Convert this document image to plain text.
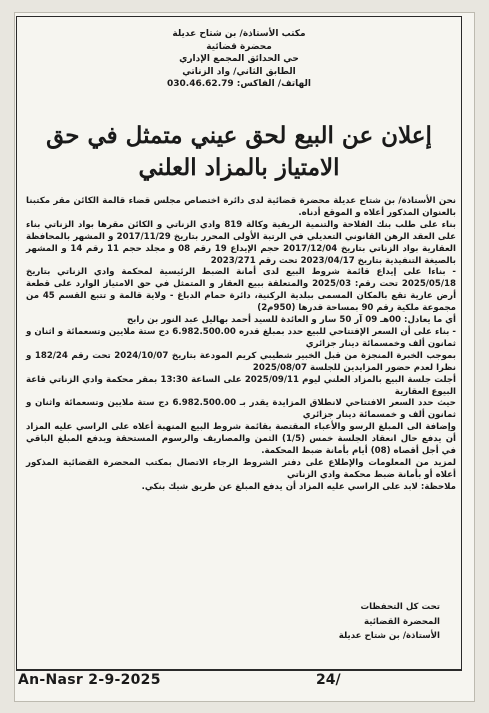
مكتب الأستاذة/ بن شتاح عديلة
محضرة قضائية
حي الحدائق المجمع الإداري
الطابق الثاني/ واد الزناتي
الهاتف/ الفاكس: 030.46.62.79
إعلان عن البيع لحق عيني متمثل في حق
الامتياز بالمزاد العلني

نحن الأستاذة/ بن شتاح عديلة محضرة قضائية لدى دائرة اختصاص مجلس قضاء قالمة الكائن مقر مكتبنا بالعنوان المذكور أعلاه و الموقع أدناه.

بناء على طلب بنك الفلاحة والتنمية الريفية وكالة 819 وادي الزناتي و الكائن مقرها بواد الزناتي بناء على العقد الرهن القانوني التعديلي في الرتبة الأولى المحرر بتاريخ 2017/11/29 و المشهر بالمحافظة العقارية بواد الزناتي بتاريخ 2017/12/04 حجم الإيداع 19 رقم 08 و مجلد حجم 11 رقم 14 و المشهر بالصيغة التنفيذية بتاريخ 2023/04/17 تحت رقم 2023/271

- بناءا على إيداع قائمة شروط البيع لدى أمانة الضبط الرئيسية لمحكمة وادي الزناتي بتاريخ 2025/05/18 تحت رقم: 2025/03 والمتعلقة ببيع العقار و المتمثل في حق الامتياز الوارد على قطعة أرض عارية تقع بالمكان المسمى ببلدية الركنية، دائرة حمام الدباغ - ولاية قالمة و تتبع القسم 45 من مجموعة ملكية رقم 90 بمساحة قدرها (950م2)

أي ما يعادل: 00هـ 09 آر 50 سار و العائدة للسيد أحمد بهاليل عبد النور بن رابح

- بناء على أن السعر الإفتتاحي للبيع حدد بمبلغ قدره 6.982.500.00 دج ستة ملايين وتسعمائة و اثنان و ثمانون ألف وخمسمائة دينار جزائري

بموجب الخبرة المنجزة من قبل الخبير شطيبي كريم المودعة بتاريخ 2024/10/07 تحت رقم 182/24 و نظرا لعدم حضور المزايدين للجلسة 2025/08/07

أجلت جلسة البيع بالمزاد العلني ليوم 2025/09/11 على الساعة 13:30 بمقر محكمة وادي الزناتي قاعة البيوع العقارية

حيث حدد السعر الافتتاحي لانطلاق المزايدة يقدر بـ 6.982.500.00 دج ستة ملايين وتسعمائة واثنان و ثمانون ألف و خمسمائة دينار جزائري

وإضافة الى المبلغ الرسو والأعباء المقتصة بقائمة شروط البيع المنهبة أعلاه على الراسي عليه المزاد أن يدفع حال انعقاد الجلسة خمس (1/5) الثمن والمصاريف والرسوم المستحقة ويدفع المبلغ الباقي في أجل أقصاه (08) أيام بأمانة ضبط المحكمة.

لمزيد من المعلومات والإطلاع على دفتر الشروط الرجاء الاتصال بمكتب المحضرة القضائية المذكور أعلاه أو بأمانة ضبط محكمة وادي الزناتي

ملاحظة: لابد على الراسي عليه المزاد أن يدفع المبلغ عن طريق شيك بنكي.

تحت كل التحفظات
المحضرة القضائية
الأستاذة/ بن شتاح عديلة
An-Nasr 2-9-2025	24/
